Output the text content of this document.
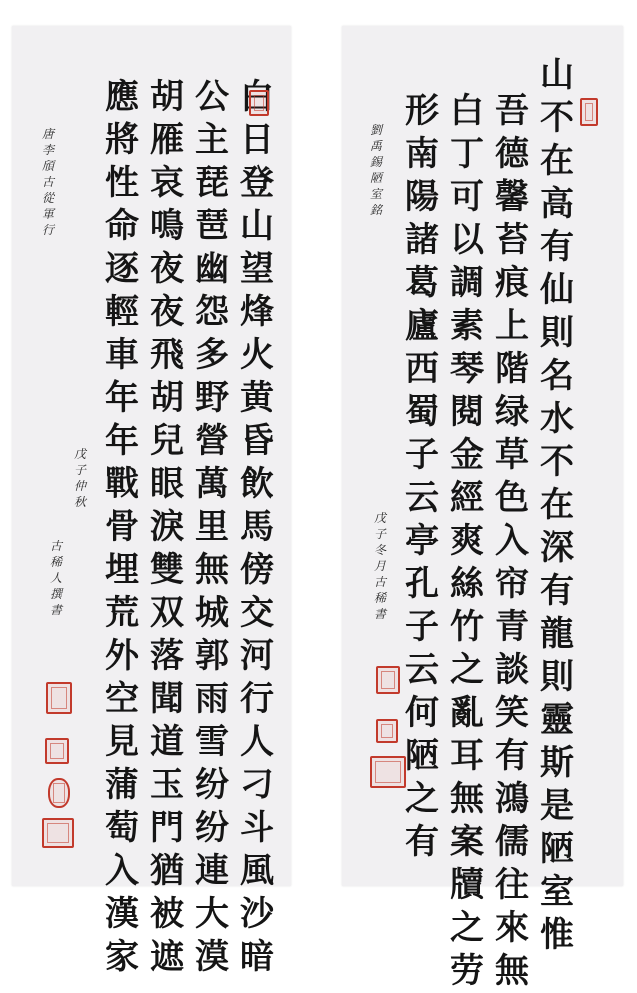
白
日
登
山
望
烽
火
黄
昏
飲
馬
傍
交
河
行
人
刁
斗
風
沙
暗
公
主
琵
琶
幽
怨
多
野
營
萬
里
無
城
郭
雨
雪
纷
纷
連
大
漠
胡
雁
哀
鳴
夜
夜
飛
胡
兒
眼
淚
雙
双
落
聞
道
玉
門
猶
被
遮
應
將
性
命
逐
輕
車
年
年
戰
骨
埋
荒
外
空
見
蒲
萄
入
漢
家
唐
李
頎
古
從
軍
行
戊
子
仲
秋
古
稀
人
撰
書
山
不
在
高
有
仙
則
名
水
不
在
深
有
龍
則
靈
斯
是
陋
室
惟
吾
德
馨
苔
痕
上
階
绿
草
色
入
帘
青
談
笑
有
鴻
儒
往
來
無
白
丁
可
以
調
素
琴
閱
金
經
爽
絲
竹
之
亂
耳
無
案
牘
之
劳
形
南
陽
諸
葛
廬
西
蜀
子
云
亭
孔
子
云
何
陋
之
有
劉
禹
錫
陋
室
銘
戊
子
冬
月
古
稀
書
